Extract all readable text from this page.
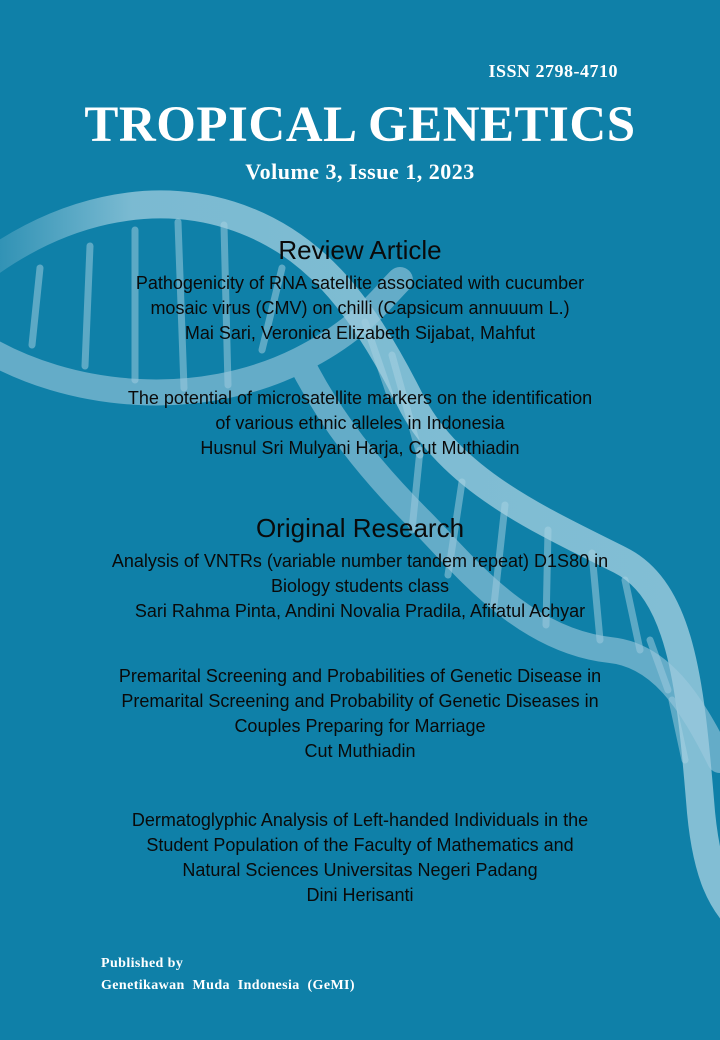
ISSN 2798-4710
TROPICAL GENETICS
Volume 3, Issue 1, 2023
Review Article
Pathogenicity of RNA satellite associated with cucumber
mosaic virus (CMV) on chilli (Capsicum annuuum L.)
Mai Sari, Veronica Elizabeth Sijabat, Mahfut
The potential of microsatellite markers on the identification
of various ethnic alleles in Indonesia
Husnul Sri Mulyani Harja, Cut Muthiadin
Original Research
Analysis of VNTRs (variable number tandem repeat) D1S80 in
Biology students class
Sari Rahma Pinta, Andini Novalia Pradila, Afifatul Achyar
Premarital Screening and Probabilities of Genetic Disease in
Premarital Screening and Probability of Genetic Diseases in
Couples Preparing for Marriage
Cut Muthiadin
Dermatoglyphic Analysis of Left-handed Individuals in the
Student Population of the Faculty of Mathematics and
Natural Sciences Universitas Negeri Padang
Dini Herisanti
Published by
Genetikawan  Muda  Indonesia  (GeMI)
